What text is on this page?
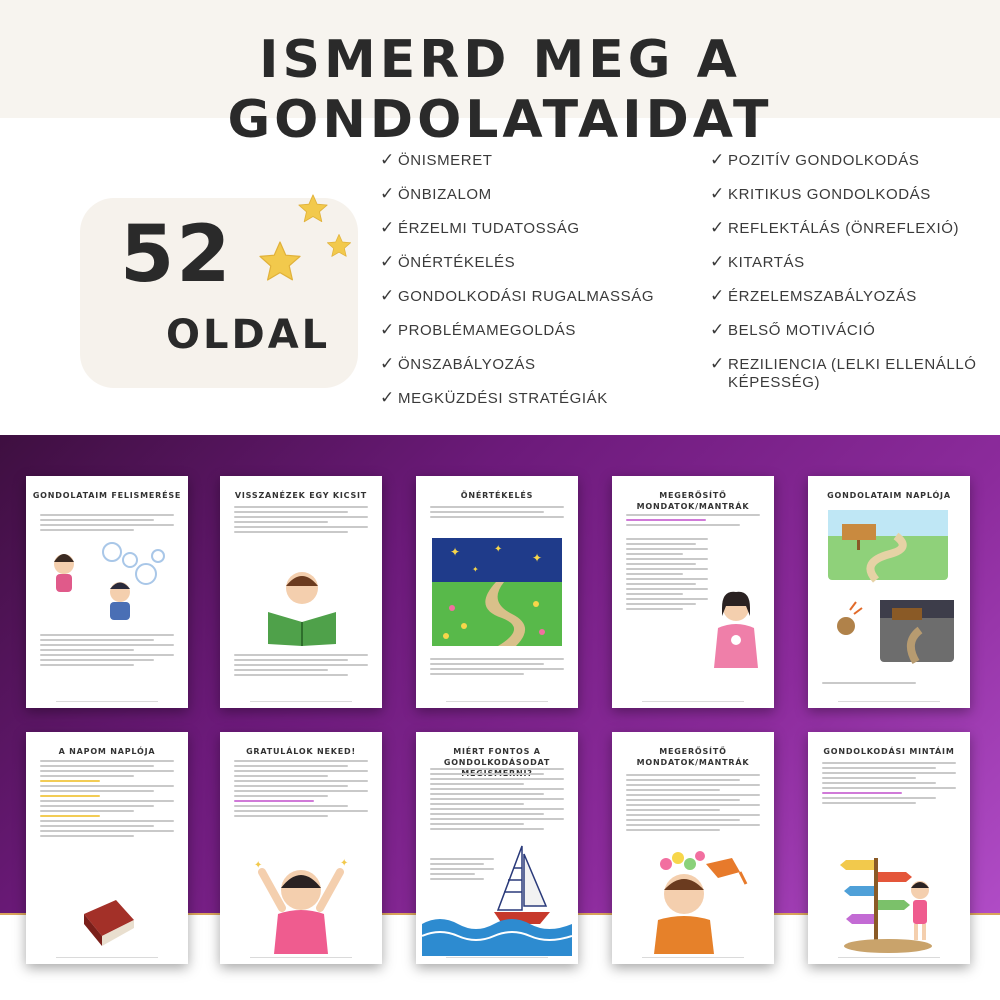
ISMERD MEG A GONDOLATAIDAT
52
OLDAL
✓ ÖNISMERET
✓ ÖNBIZALOM
✓ ÉRZELMI TUDATOSSÁG
✓ ÖNÉRTÉKELÉS
✓ GONDOLKODÁSI RUGALMASSÁG
✓ PROBLÉMAMEGOLDÁS
✓ ÖNSZABÁLYOZÁS
✓ MEGKÜZDÉSI STRATÉGIÁK
✓ POZITÍV GONDOLKODÁS
✓ KRITIKUS GONDOLKODÁS
✓ REFLEKTÁLÁS (ÖNREFLEXIÓ)
✓ KITARTÁS
✓ ÉRZELEMSZABÁLYOZÁS
✓ BELSŐ MOTIVÁCIÓ
✓ REZILIENCIA (LELKI ELLENÁLLÓ KÉPESSÉG)
GONDOLATAIM FELISMERÉSE	VISSZANÉZEK EGY KICSIT	ÖNÉRTÉKELÉS
✦	✦
✦
✦
MEGERŐSÍTŐ MONDATOK/MANTRÁK
GONDOLATAIM NAPLÓJA
A NAPOM NAPLÓJA	GRATULÁLOK NEKED!
✦	✦
MIÉRT FONTOS A GONDOLKODÁSODAT
MEGERŐSÍTŐ MONDATOK/MANTRÁK
GONDOLKODÁSI MINTÁIM
